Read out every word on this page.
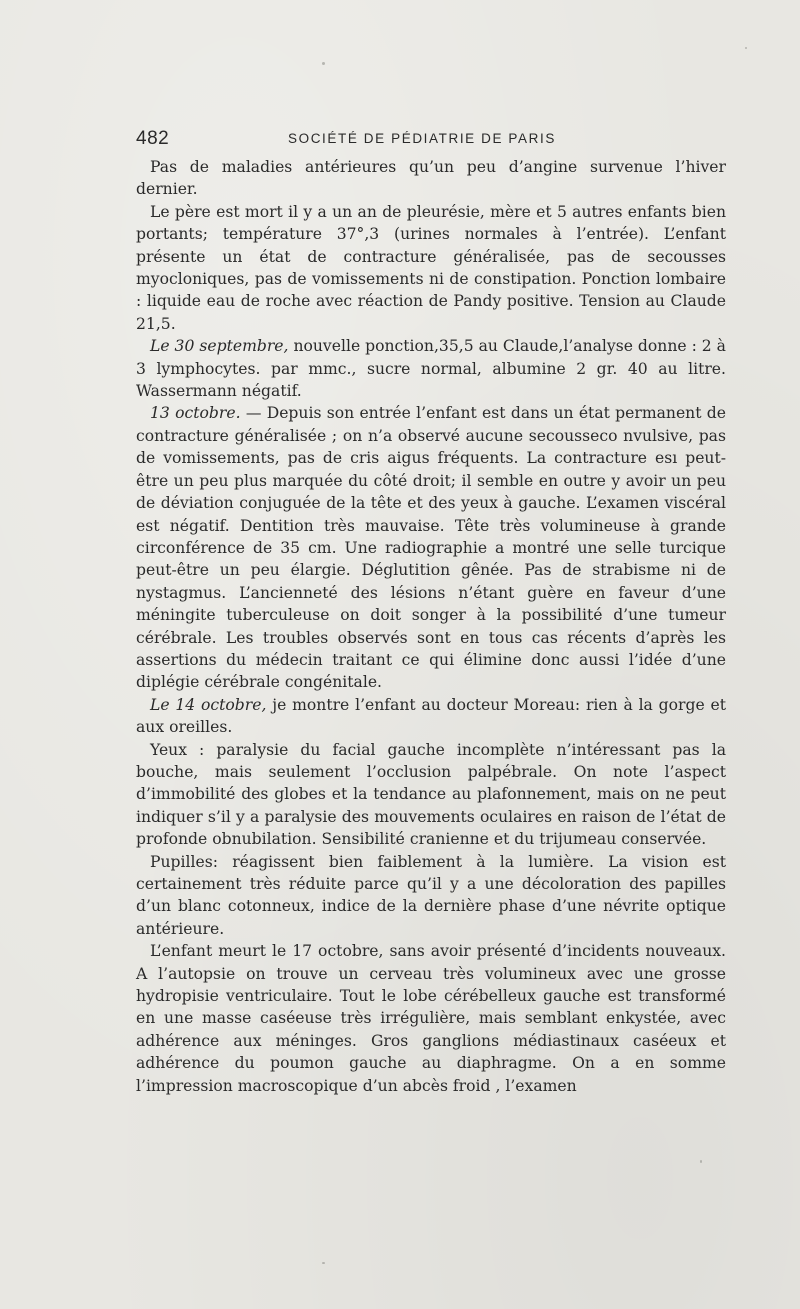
482	SOCIÉTÉ DE PÉDIATRIE DE PARIS

Pas de maladies antérieures qu’un peu d’angine survenue l’hiver dernier.

Le père est mort il y a un an de pleurésie, mère et 5 autres enfants bien portants; température 37°,3 (urines normales à l’entrée). L’enfant présente un état de contracture généralisée, pas de secousses myocloniques, pas de vomissements ni de constipation. Ponction lombaire : liquide eau de roche avec réaction de Pandy positive. Tension au Claude 21,5.

Le 30 septembre, nouvelle ponction,35,5 au Claude,l’analyse donne : 2 à 3 lymphocytes. par mmc., sucre normal, albumine 2 gr. 40 au litre. Wassermann négatif.

13 octobre. — Depuis son entrée l’enfant est dans un état permanent de contracture généralisée ; on n’a observé aucune secousseco nvulsive, pas de vomissements, pas de cris aigus fréquents. La contracture esı peut-être un peu plus marquée du côté droit; il semble en outre y avoir un peu de déviation conjuguée de la tête et des yeux à gauche. L’examen viscéral est négatif. Dentition très mauvaise. Tête très volumineuse à grande circonférence de 35 cm. Une radiographie a montré une selle turcique peut-être un peu élargie. Déglutition gênée. Pas de strabisme ni de nystagmus. L’ancienneté des lésions n’étant guère en faveur d’une méningite tuberculeuse on doit songer à la possibilité d’une tumeur cérébrale. Les troubles observés sont en tous cas récents d’après les assertions du médecin traitant ce qui élimine donc aussi l’idée d’une diplégie cérébrale congénitale.

Le 14 octobre, je montre l’enfant au docteur Moreau: rien à la gorge et aux oreilles.

Yeux : paralysie du facial gauche incomplète n’intéressant pas la bouche, mais seulement l’occlusion palpébrale. On note l’aspect d’immobilité des globes et la tendance au plafonnement, mais on ne peut indiquer s’il y a paralysie des mouvements oculaires en raison de l’état de profonde obnubilation. Sensibilité cranienne et du trijumeau conservée.

Pupilles: réagissent bien faiblement à la lumière. La vision est certainement très réduite parce qu’il y a une décoloration des papilles d’un blanc cotonneux, indice de la dernière phase d’une névrite optique antérieure.

L’enfant meurt le 17 octobre, sans avoir présenté d’incidents nouveaux. A l’autopsie on trouve un cerveau très volumineux avec une grosse hydropisie ventriculaire. Tout le lobe cérébelleux gauche est transformé en une masse caséeuse très irrégulière, mais semblant enkystée, avec adhérence aux méninges. Gros ganglions médiastinaux caséeux et adhérence du poumon gauche au diaphragme. On a en somme l’impression macroscopique d’un abcès froid , l’examen
